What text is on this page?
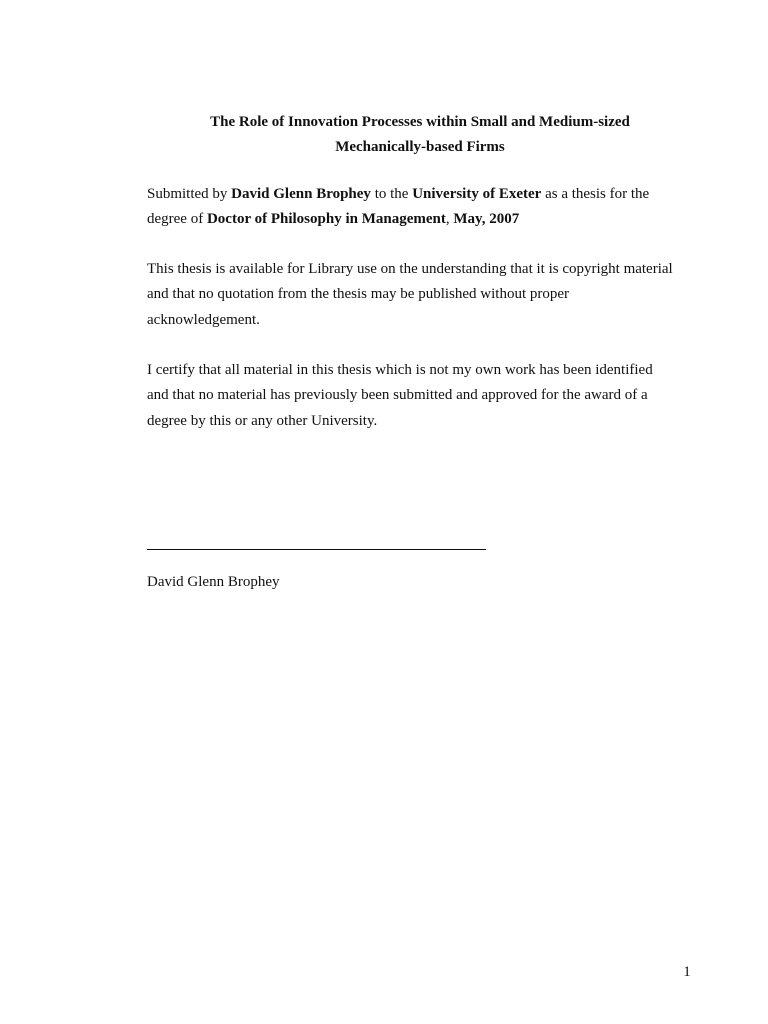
The Role of Innovation Processes within Small and Medium-sized
Mechanically-based Firms
Submitted by David Glenn Brophey to the University of Exeter as a thesis for the
degree of Doctor of Philosophy in Management, May, 2007
This thesis is available for Library use on the understanding that it is copyright material
and that no quotation from the thesis may be published without proper
acknowledgement.
I certify that all material in this thesis which is not my own work has been identified
and that no material has previously been submitted and approved for the award of a
degree by this or any other University.
David Glenn Brophey
1
